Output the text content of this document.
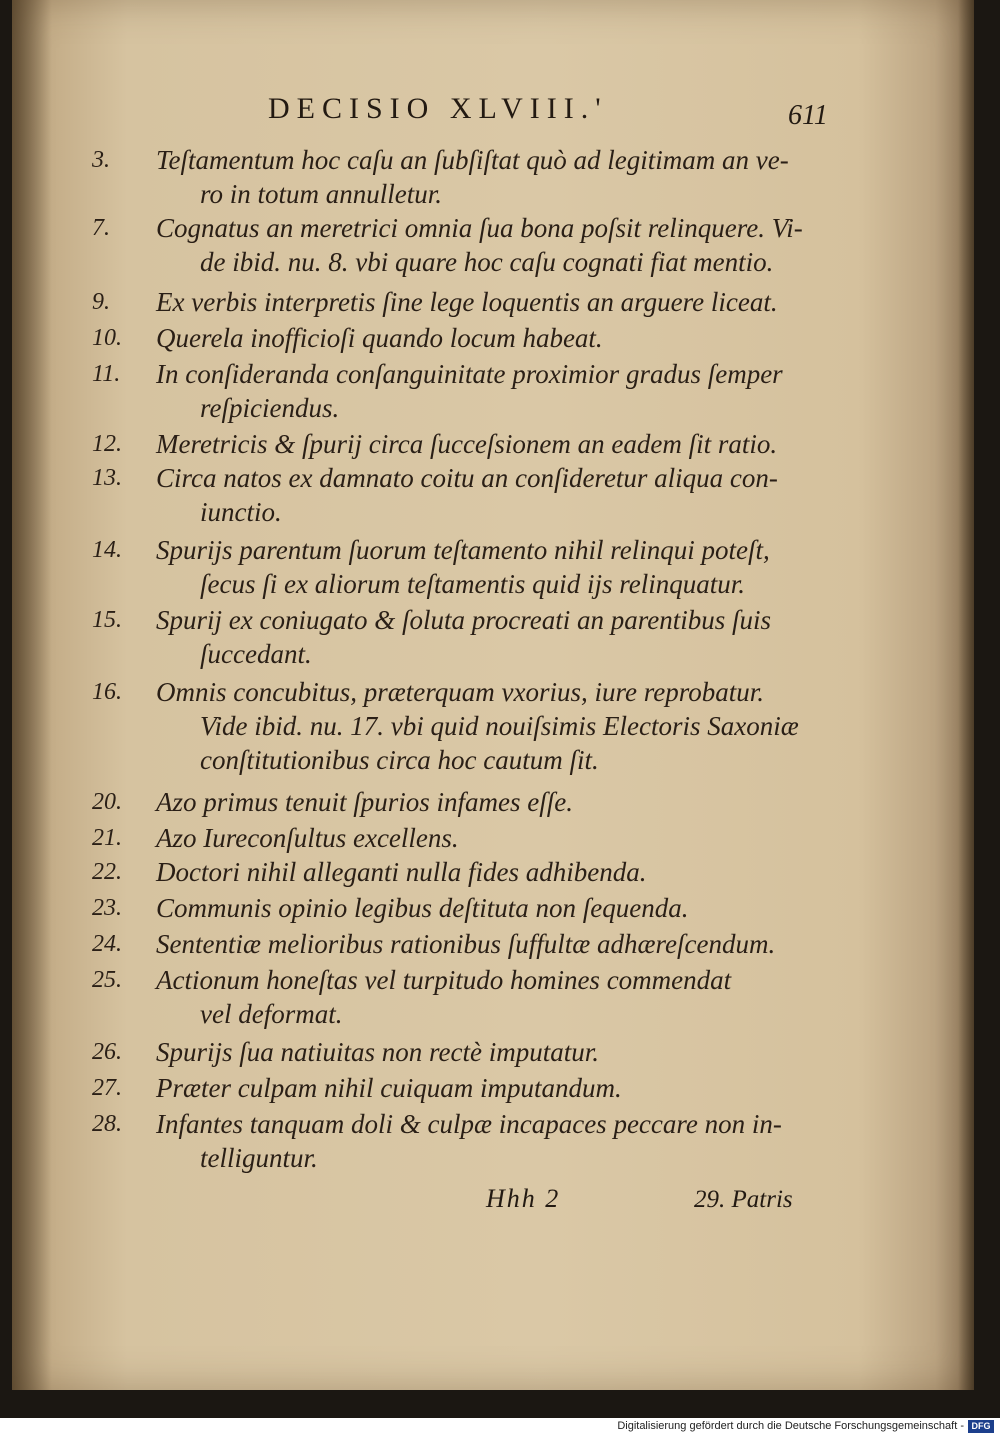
DECISIO XLVIII.'	611
3.	Teſtamentum hoc caſu an ſubſiſtat quò ad legitimam an ve-
ro in totum annulletur.
7.	Cognatus an meretrici omnia ſua bona poſsit relinquere. Vi-
de ibid. nu. 8. vbi quare hoc caſu cognati fiat mentio.
9.	Ex verbis interpretis ſine lege loquentis an arguere liceat.
10.	Querela inofficioſi quando locum habeat.
11.	In conſideranda conſanguinitate proximior gradus ſemper
reſpiciendus.
12.	Meretricis & ſpurij circa ſucceſsionem an eadem ſit ratio.
13.	Circa natos ex damnato coitu an conſideretur aliqua con-
iunctio.
14.	Spurijs parentum ſuorum teſtamento nihil relinqui poteſt,
ſecus ſi ex aliorum teſtamentis quid ijs relinquatur.
15.	Spurij ex coniugato & ſoluta procreati an parentibus ſuis
ſuccedant.
16.	Omnis concubitus, præterquam vxorius, iure reprobatur.
Vide ibid. nu. 17. vbi quid nouiſsimis Electoris Saxoniæ
conſtitutionibus circa hoc cautum ſit.
20.	Azo primus tenuit ſpurios infames eſſe.
21.	Azo Iureconſultus excellens.
22.	Doctori nihil alleganti nulla fides adhibenda.
23.	Communis opinio legibus deſtituta non ſequenda.
24.	Sententiæ melioribus rationibus ſuffultæ adhæreſcendum.
25.	Actionum honeſtas vel turpitudo homines commendat
vel deformat.
26.	Spurijs ſua natiuitas non rectè imputatur.
27.	Præter culpam nihil cuiquam imputandum.
28.	Infantes tanquam doli & culpæ incapaces peccare non in-
telliguntur.
Hhh 2	29. Patris
Digitalisierung gefördert durch die Deutsche Forschungsgemeinschaft - DFG
